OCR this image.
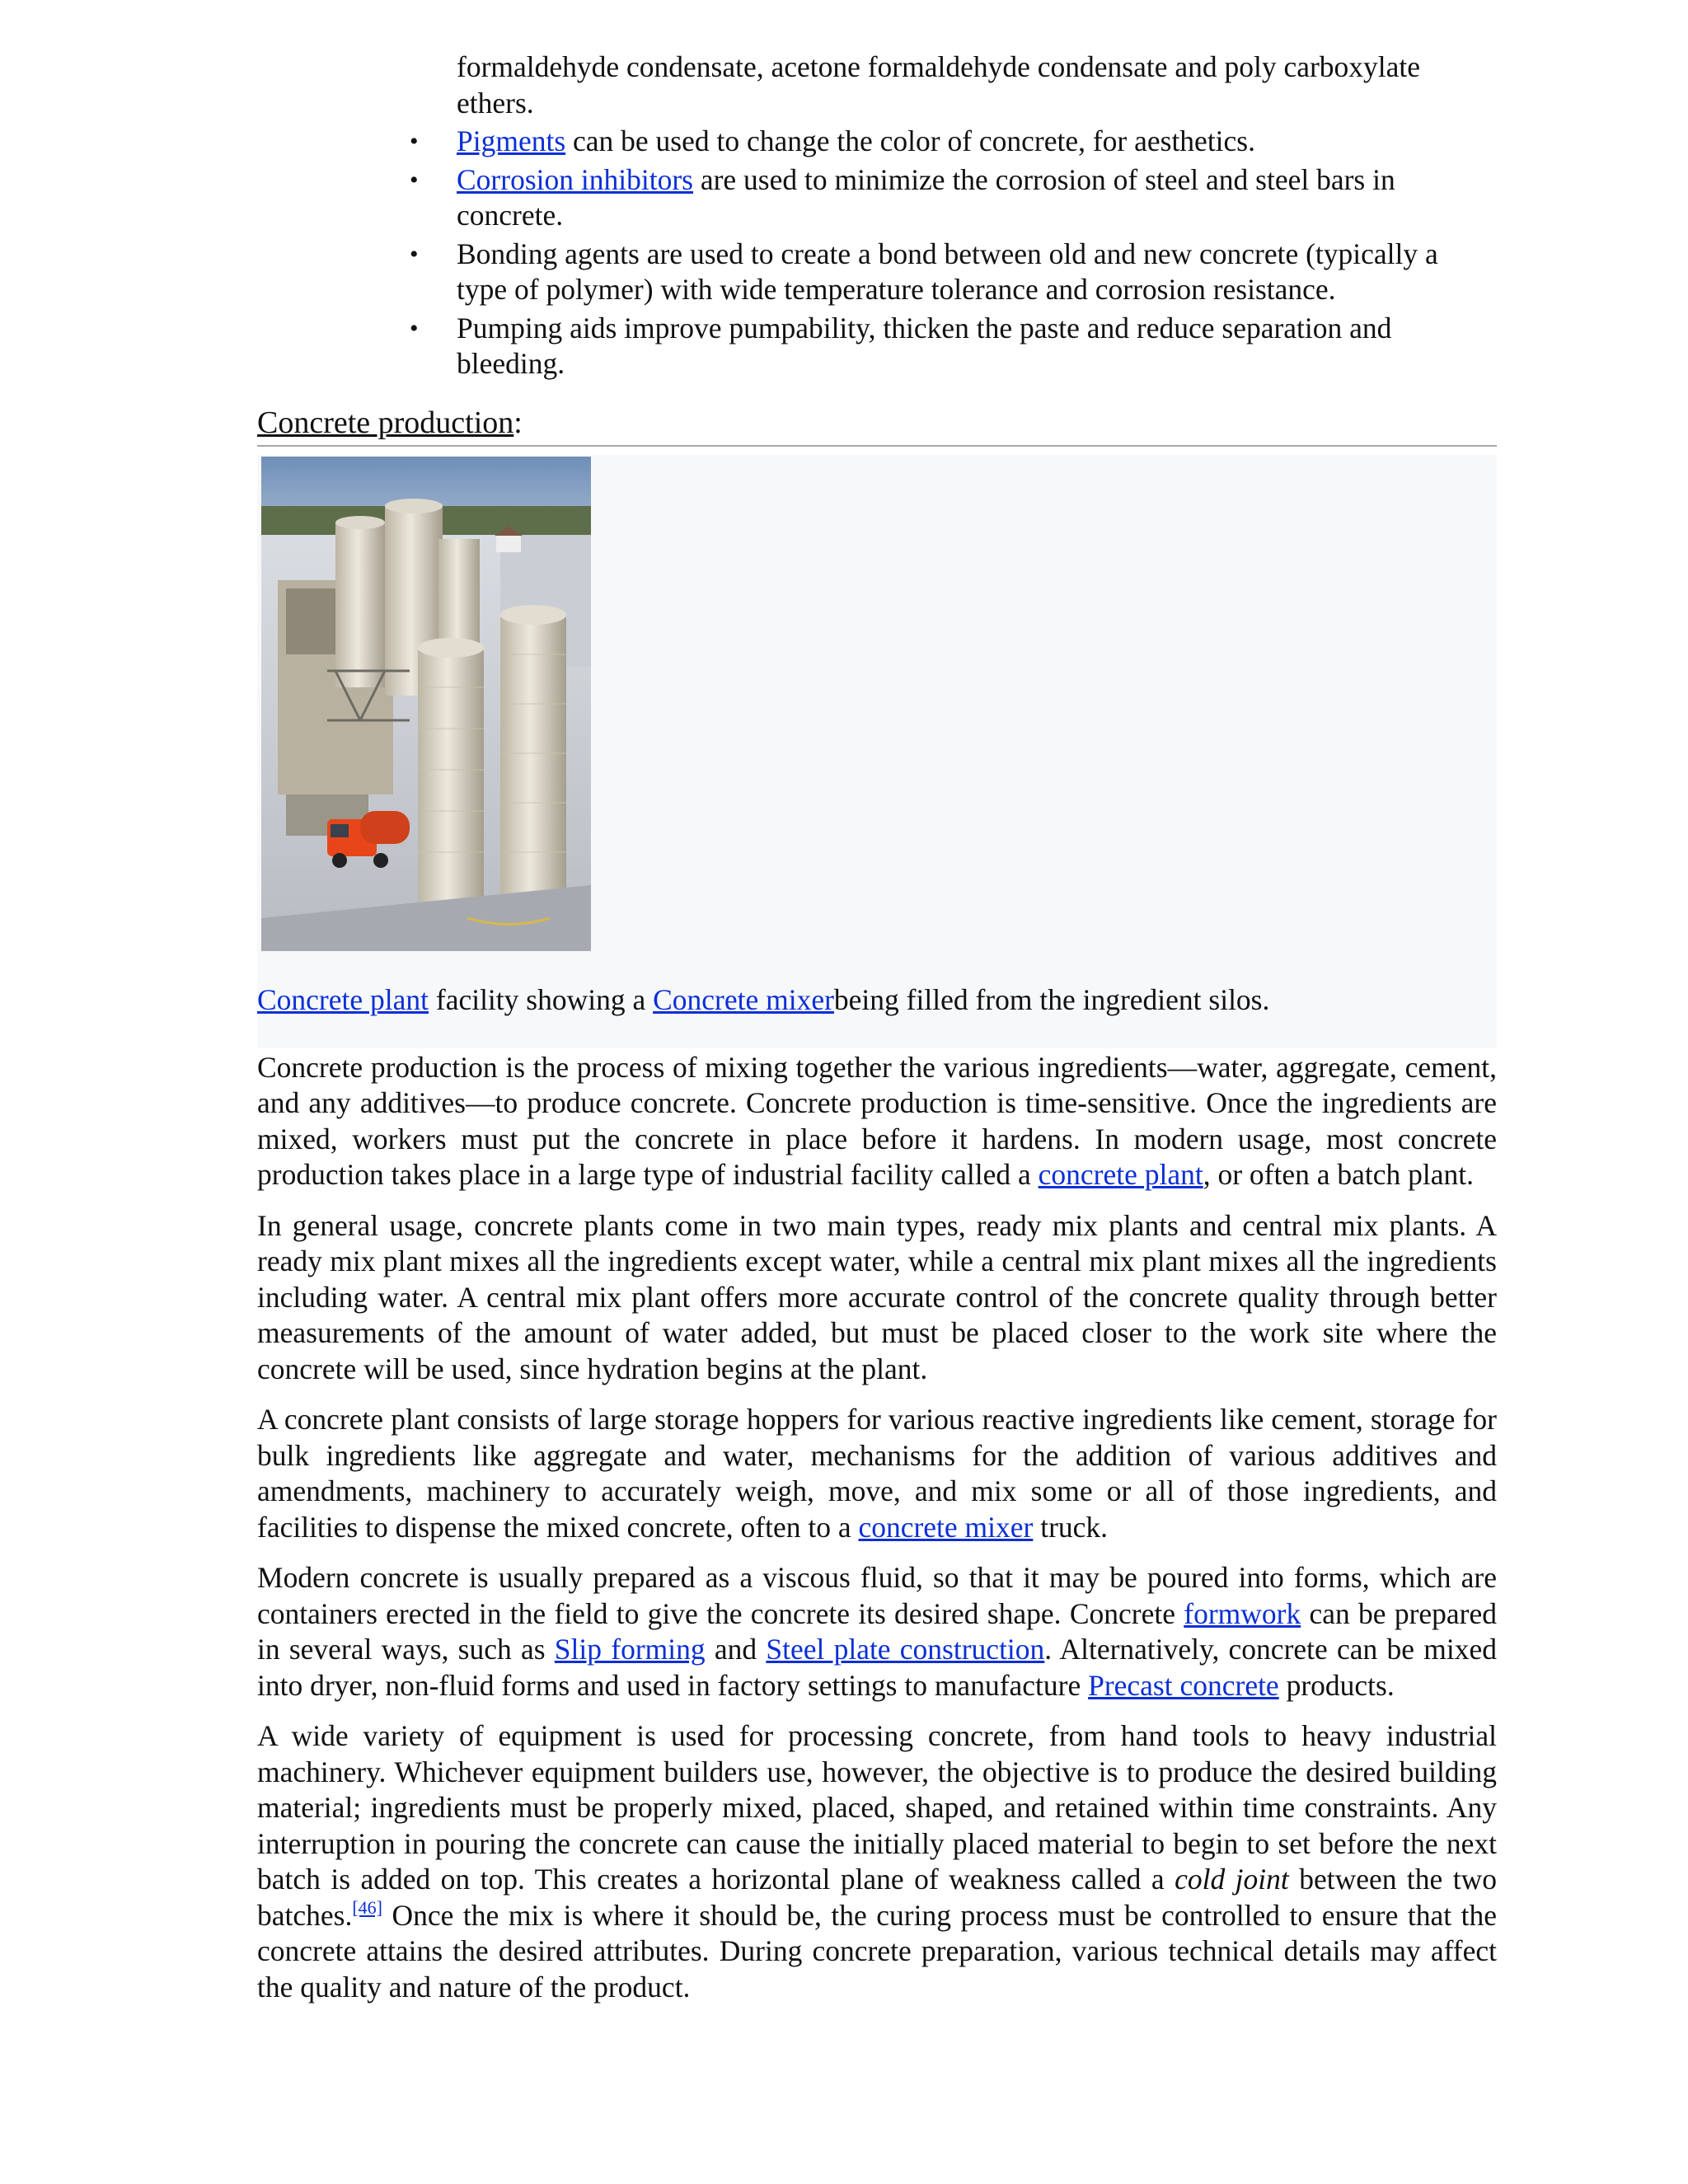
formaldehyde condensate, acetone formaldehyde condensate and poly carboxylate ethers.
• Pigments can be used to change the color of concrete, for aesthetics.
• Corrosion inhibitors are used to minimize the corrosion of steel and steel bars in concrete.
• Bonding agents are used to create a bond between old and new concrete (typically a type of polymer) with wide temperature tolerance and corrosion resistance.
• Pumping aids improve pumpability, thicken the paste and reduce separation and bleeding.
Concrete production:
Concrete plant facility showing a Concrete mixerbeing filled from the ingredient silos.

Concrete production is the process of mixing together the various ingredients—water, aggregate, cement, and any additives—to produce concrete. Concrete production is time-sensitive. Once the ingredients are mixed, workers must put the concrete in place before it hardens. In modern usage, most concrete production takes place in a large type of industrial facility called a concrete plant, or often a batch plant.

In general usage, concrete plants come in two main types, ready mix plants and central mix plants. A ready mix plant mixes all the ingredients except water, while a central mix plant mixes all the ingredients including water. A central mix plant offers more accurate control of the concrete quality through better measurements of the amount of water added, but must be placed closer to the work site where the concrete will be used, since hydration begins at the plant.

A concrete plant consists of large storage hoppers for various reactive ingredients like cement, storage for bulk ingredients like aggregate and water, mechanisms for the addition of various additives and amendments, machinery to accurately weigh, move, and mix some or all of those ingredients, and facilities to dispense the mixed concrete, often to a concrete mixer truck.

Modern concrete is usually prepared as a viscous fluid, so that it may be poured into forms, which are containers erected in the field to give the concrete its desired shape. Concrete formwork can be prepared in several ways, such as Slip forming and Steel plate construction. Alternatively, concrete can be mixed into dryer, non-fluid forms and used in factory settings to manufacture Precast concrete products.

A wide variety of equipment is used for processing concrete, from hand tools to heavy industrial machinery. Whichever equipment builders use, however, the objective is to produce the desired building material; ingredients must be properly mixed, placed, shaped, and retained within time constraints. Any interruption in pouring the concrete can cause the initially placed material to begin to set before the next batch is added on top. This creates a horizontal plane of weakness called a cold joint between the two batches.[46] Once the mix is where it should be, the curing process must be controlled to ensure that the concrete attains the desired attributes. During concrete preparation, various technical details may affect the quality and nature of the product.
